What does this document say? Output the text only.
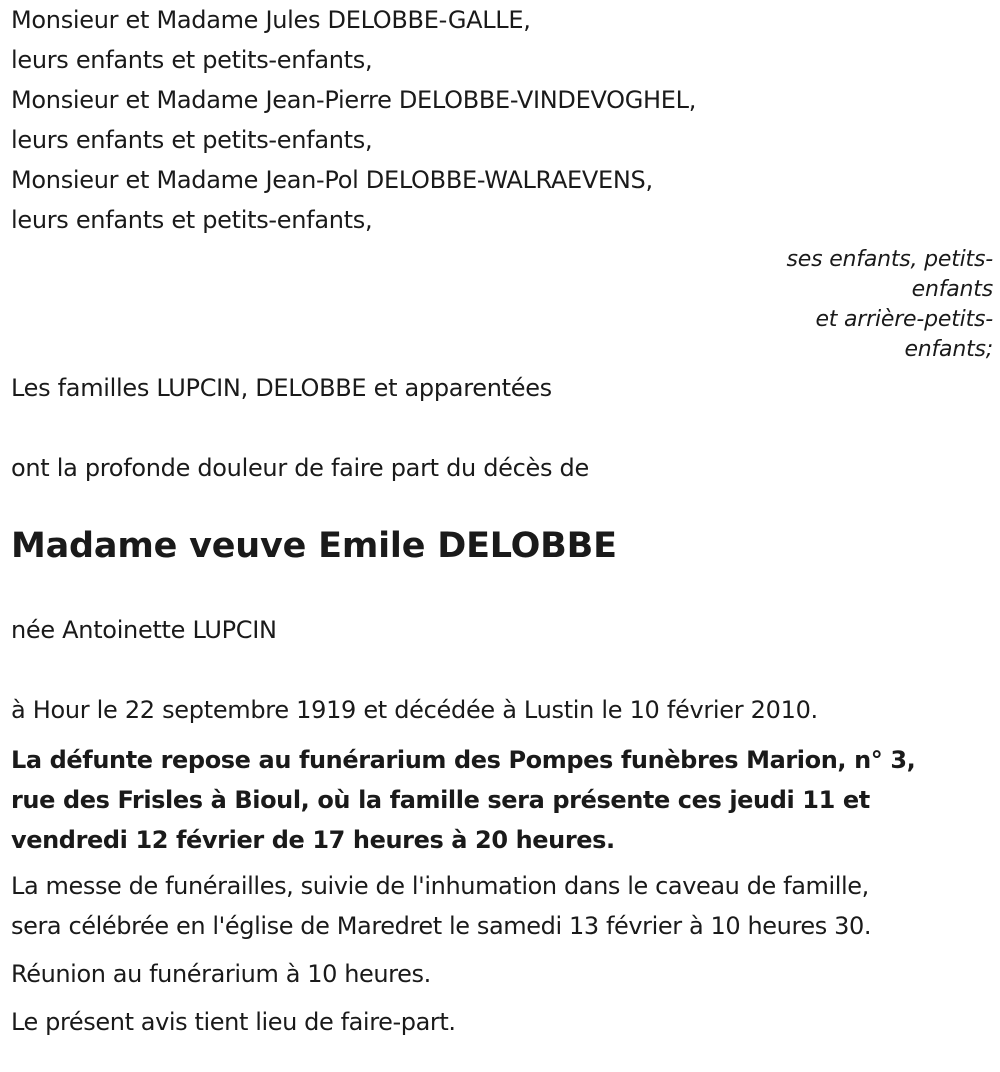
Monsieur et Madame Jules DELOBBE-GALLE,
leurs enfants et petits-enfants,
Monsieur et Madame Jean-Pierre DELOBBE-VINDEVOGHEL,
leurs enfants et petits-enfants,
Monsieur et Madame Jean-Pol DELOBBE-WALRAEVENS,
leurs enfants et petits-enfants,
ses enfants, petits-
enfants
et arrière-petits-
enfants;
Les familles LUPCIN, DELOBBE et apparentées
ont la profonde douleur de faire part du décès de
Madame veuve Emile DELOBBE
née Antoinette LUPCIN
à Hour le 22 septembre 1919 et décédée à Lustin le 10 février 2010.
La défunte repose au funérarium des Pompes funèbres Marion, n° 3,
rue des Frisles à Bioul, où la famille sera présente ces jeudi 11 et
vendredi 12 février de 17 heures à 20 heures.
La messe de funérailles, suivie de l'inhumation dans le caveau de famille,
sera célébrée en l'église de Maredret le samedi 13 février à 10 heures 30.
Réunion au funérarium à 10 heures.
Le présent avis tient lieu de faire-part.
